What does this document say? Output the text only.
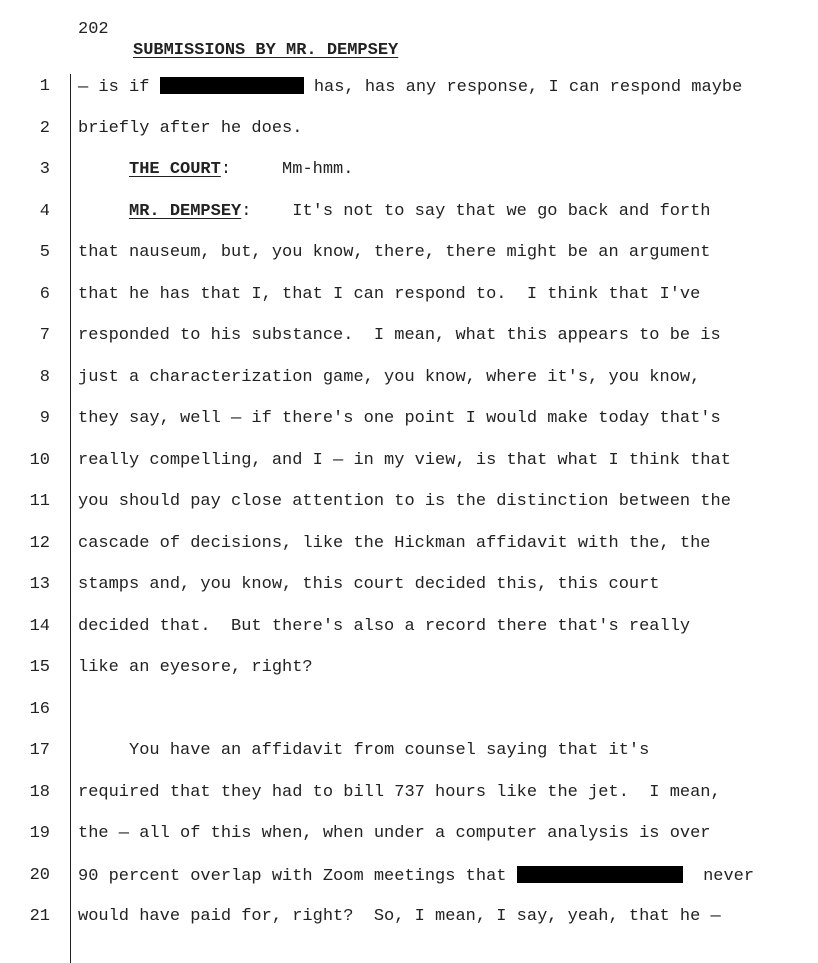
202
SUBMISSIONS BY MR. DEMPSEY
1 — is if	has, has any response, I can respond maybe
2 briefly after he does.
3	THE COURT:     Mm-hmm.
4	MR. DEMPSEY:    It's not to say that we go back and forth
5 that nauseum, but, you know, there, there might be an argument
6 that he has that I, that I can respond to.  I think that I've
7 responded to his substance.  I mean, what this appears to be is
8 just a characterization game, you know, where it's, you know,
9 they say, well — if there's one point I would make today that's
10 really compelling, and I — in my view, is that what I think that
11 you should pay close attention to is the distinction between the
12 cascade of decisions, like the Hickman affidavit with the, the
13 stamps and, you know, this court decided this, this court
14 decided that.  But there's also a record there that's really
15 like an eyesore, right?
16
17 You have an affidavit from counsel saying that it's
18 required that they had to bill 737 hours like the jet.  I mean,
19 the — all of this when, when under a computer analysis is over
20 90 percent overlap with Zoom meetings that	never
21 would have paid for, right?  So, I mean, I say, yeah, that he —
